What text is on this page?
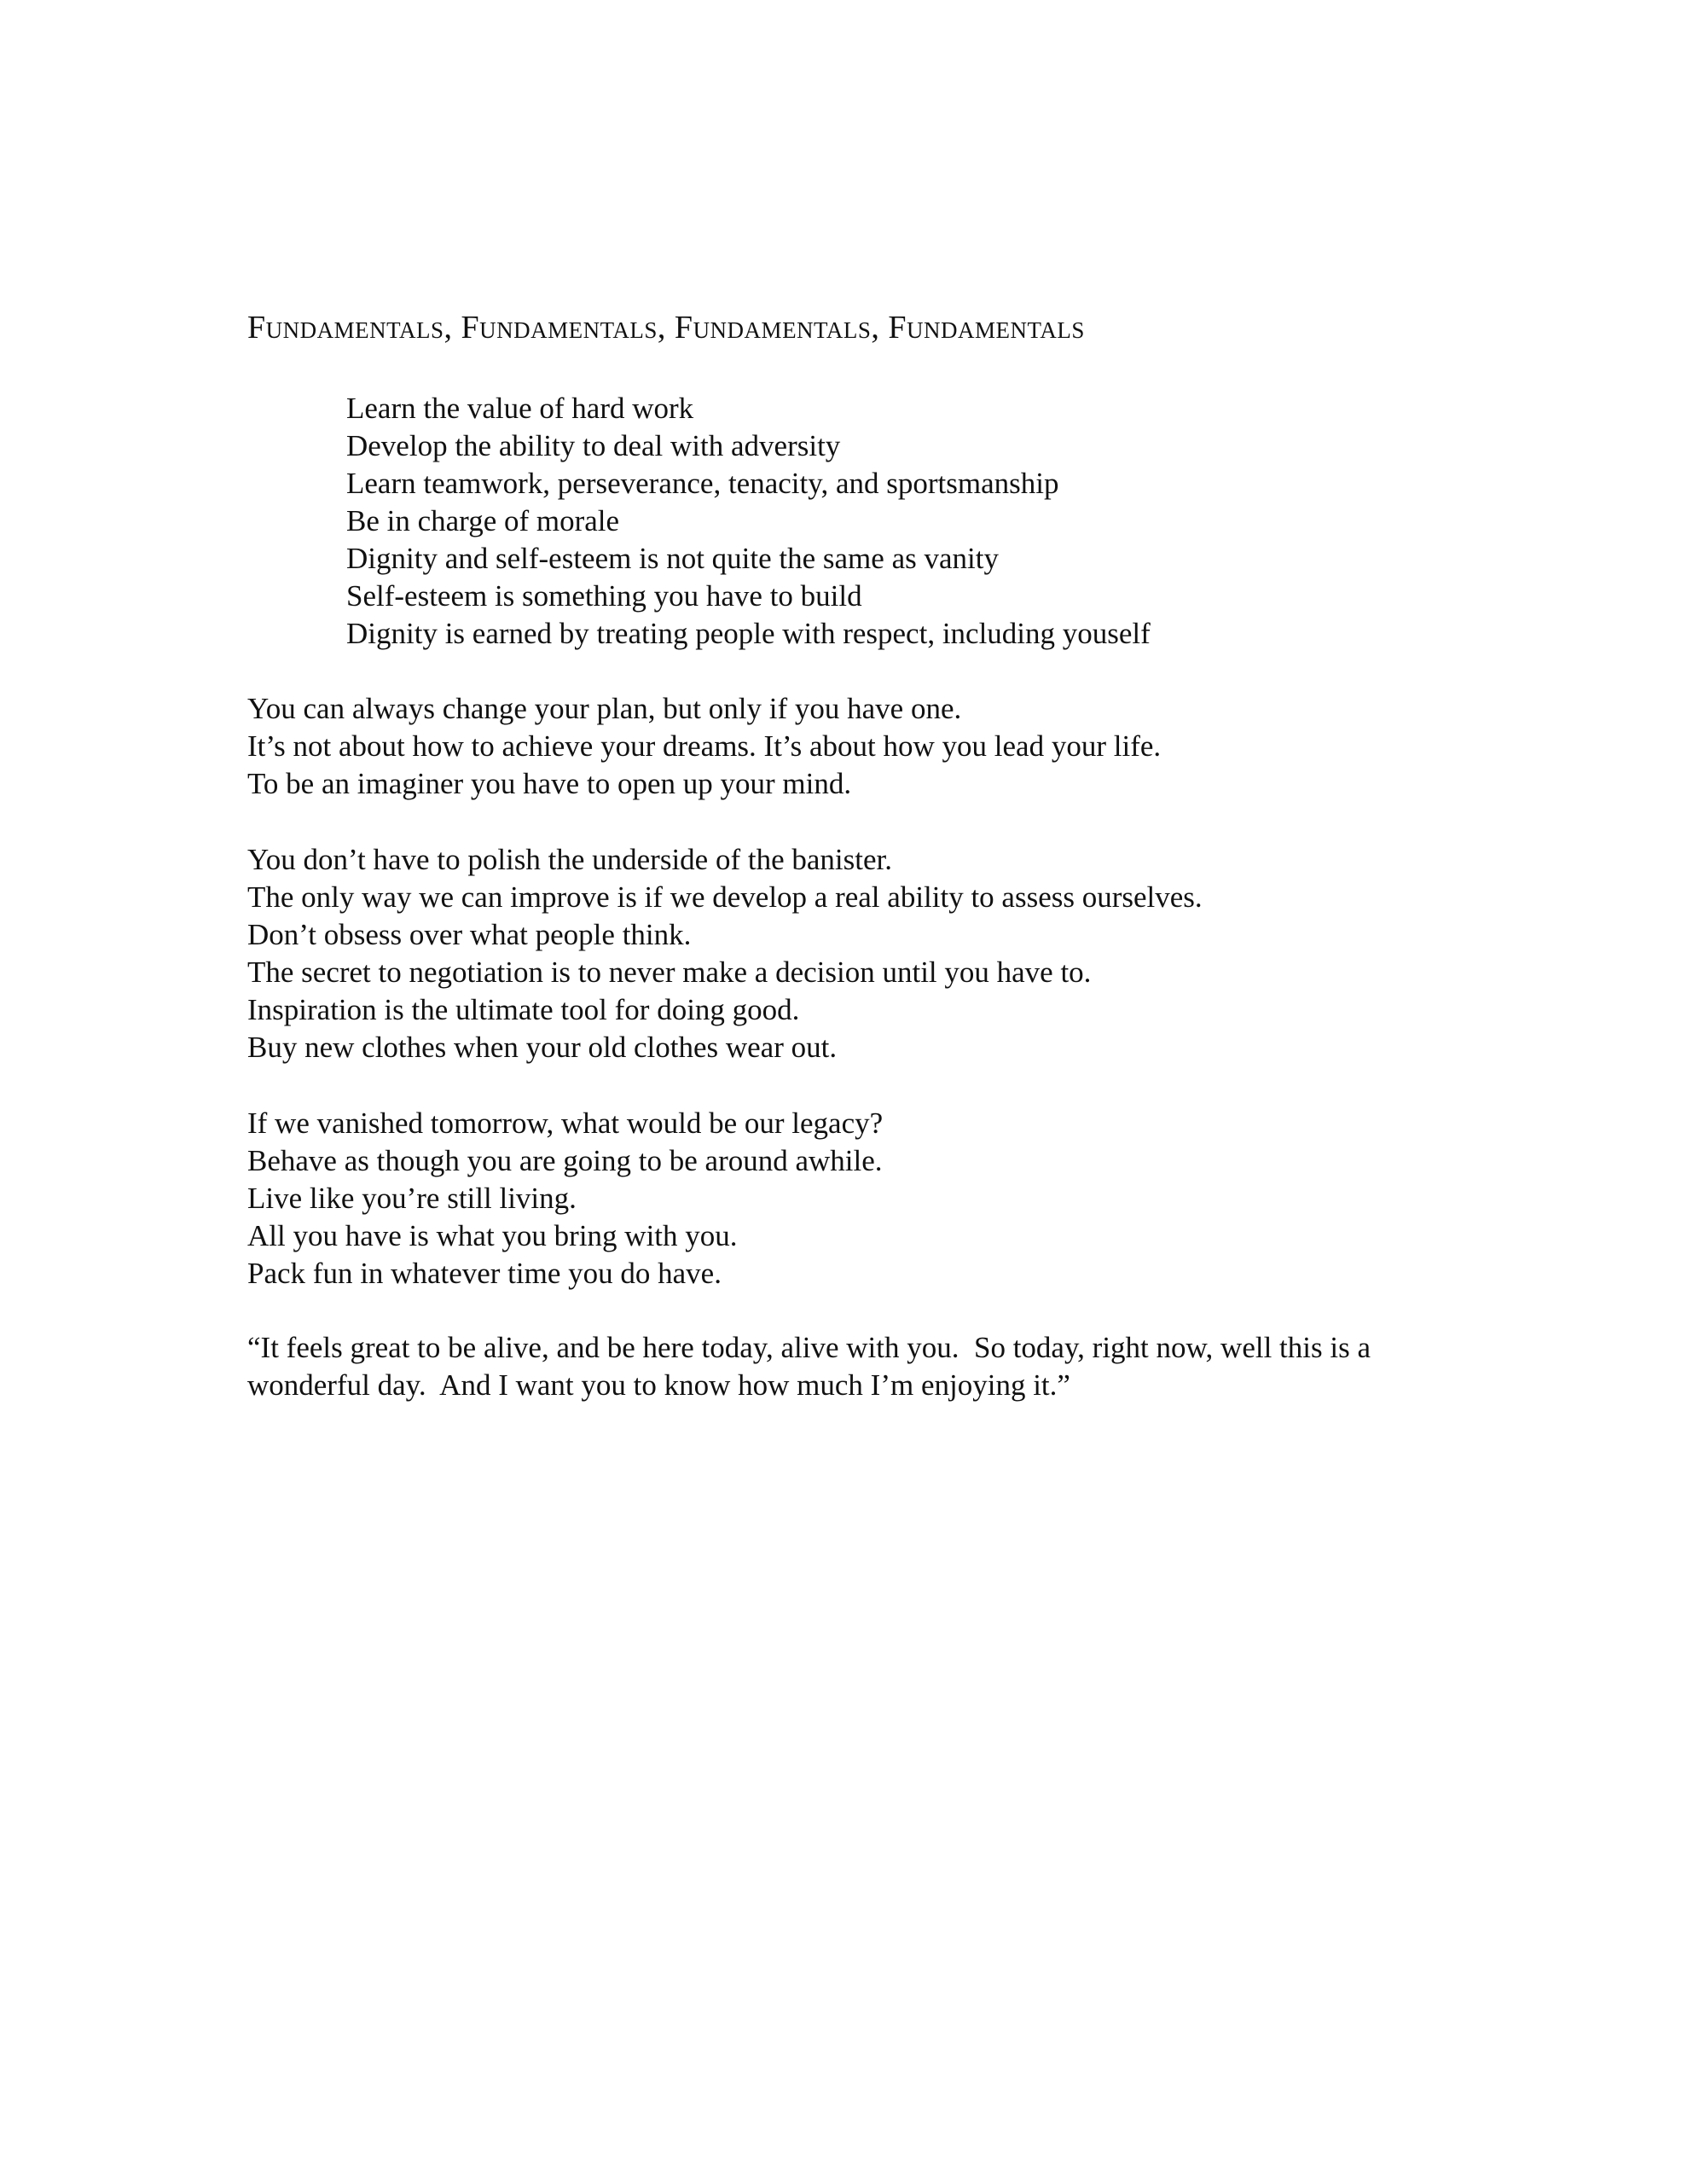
Fundamentals, Fundamentals, Fundamentals, Fundamentals
Learn the value of hard work
Develop the ability to deal with adversity
Learn teamwork, perseverance, tenacity, and sportsmanship
Be in charge of morale
Dignity and self-esteem is not quite the same as vanity
Self-esteem is something you have to build
Dignity is earned by treating people with respect, including youself
You can always change your plan, but only if you have one.
It’s not about how to achieve your dreams. It’s about how you lead your life.
To be an imaginer you have to open up your mind.
You don’t have to polish the underside of the banister.
The only way we can improve is if we develop a real ability to assess ourselves.
Don’t obsess over what people think.
The secret to negotiation is to never make a decision until you have to.
Inspiration is the ultimate tool for doing good.
Buy new clothes when your old clothes wear out.
If we vanished tomorrow, what would be our legacy?
Behave as though you are going to be around awhile.
Live like you’re still living.
All you have is what you bring with you.
Pack fun in whatever time you do have.

“It feels great to be alive, and be here today, alive with you.  So today, right now, well this is a wonderful day.  And I want you to know how much I’m enjoying it.”
